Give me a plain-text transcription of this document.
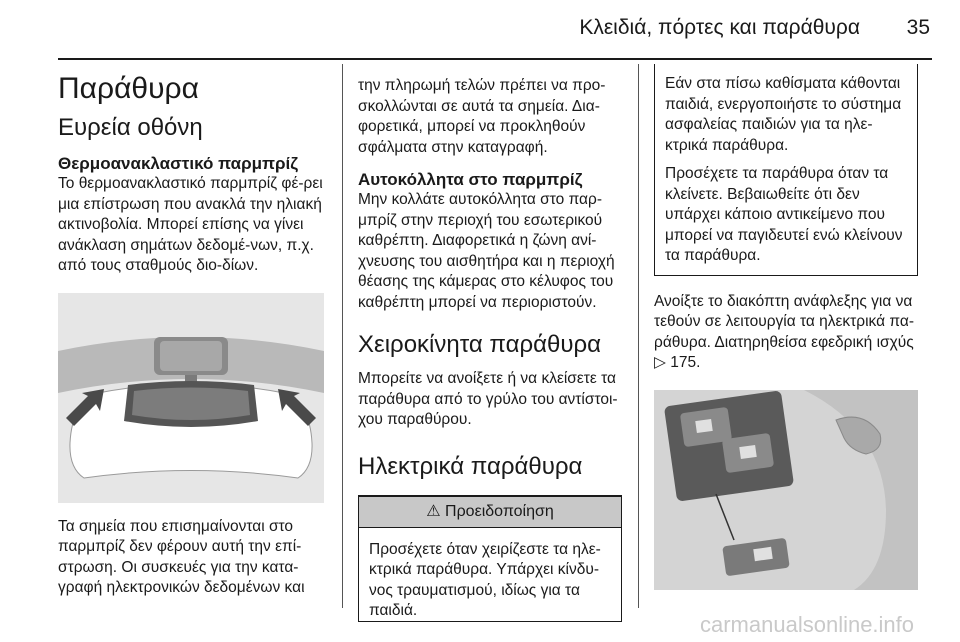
Κλειδιά, πόρτες και παράθυρα	35
Παράθυρα
Ευρεία οθόνη
Θερμοανακλαστικό παρμπρίζ

Το θερμοανακλαστικό παρμπρίζ φέ-ρει μια επίστρωση που ανακλά την ηλιακή ακτινοβολία. Μπορεί επίσης να γίνει ανάκλαση σημάτων δεδομέ-νων, π.χ. από τους σταθμούς διο-δίων.

Τα σημεία που επισημαίνονται στο παρμπρίζ δεν φέρουν αυτή την επί-στρωση. Οι συσκευές για την κατα-γραφή ηλεκτρονικών δεδομένων και

την πληρωμή τελών πρέπει να προ-σκολλώνται σε αυτά τα σημεία. Δια-φορετικά, μπορεί να προκληθούν σφάλματα στην καταγραφή.

Αυτοκόλλητα στο παρμπρίζ

Μην κολλάτε αυτοκόλλητα στο παρ-μπρίζ στην περιοχή του εσωτερικού καθρέπτη. Διαφορετικά η ζώνη ανί-χνευσης του αισθητήρα και η περιοχή θέασης της κάμερας στο κέλυφος του καθρέπτη μπορεί να περιοριστούν.

Χειροκίνητα παράθυρα

Μπορείτε να ανοίξετε ή να κλείσετε τα παράθυρα από το γρύλο του αντίστοι-χου παραθύρου.

Ηλεκτρικά παράθυρα
⚠ Προειδοποίηση

Προσέχετε όταν χειρίζεστε τα ηλε-κτρικά παράθυρα. Υπάρχει κίνδυ-νος τραυματισμού, ιδίως για τα παιδιά.

Εάν στα πίσω καθίσματα κάθονται παιδιά, ενεργοποιήστε το σύστημα ασφαλείας παιδιών για τα ηλε-κτρικά παράθυρα.

Προσέχετε τα παράθυρα όταν τα κλείνετε. Βεβαιωθείτε ότι δεν υπάρχει κάποιο αντικείμενο που μπορεί να παγιδευτεί ενώ κλείνουν τα παράθυρα.

Ανοίξτε το διακόπτη ανάφλεξης για να τεθούν σε λειτουργία τα ηλεκτρικά πα-ράθυρα. Διατηρηθείσα εφεδρική ισχύς ▷ 175.

carmanualsonline.info
